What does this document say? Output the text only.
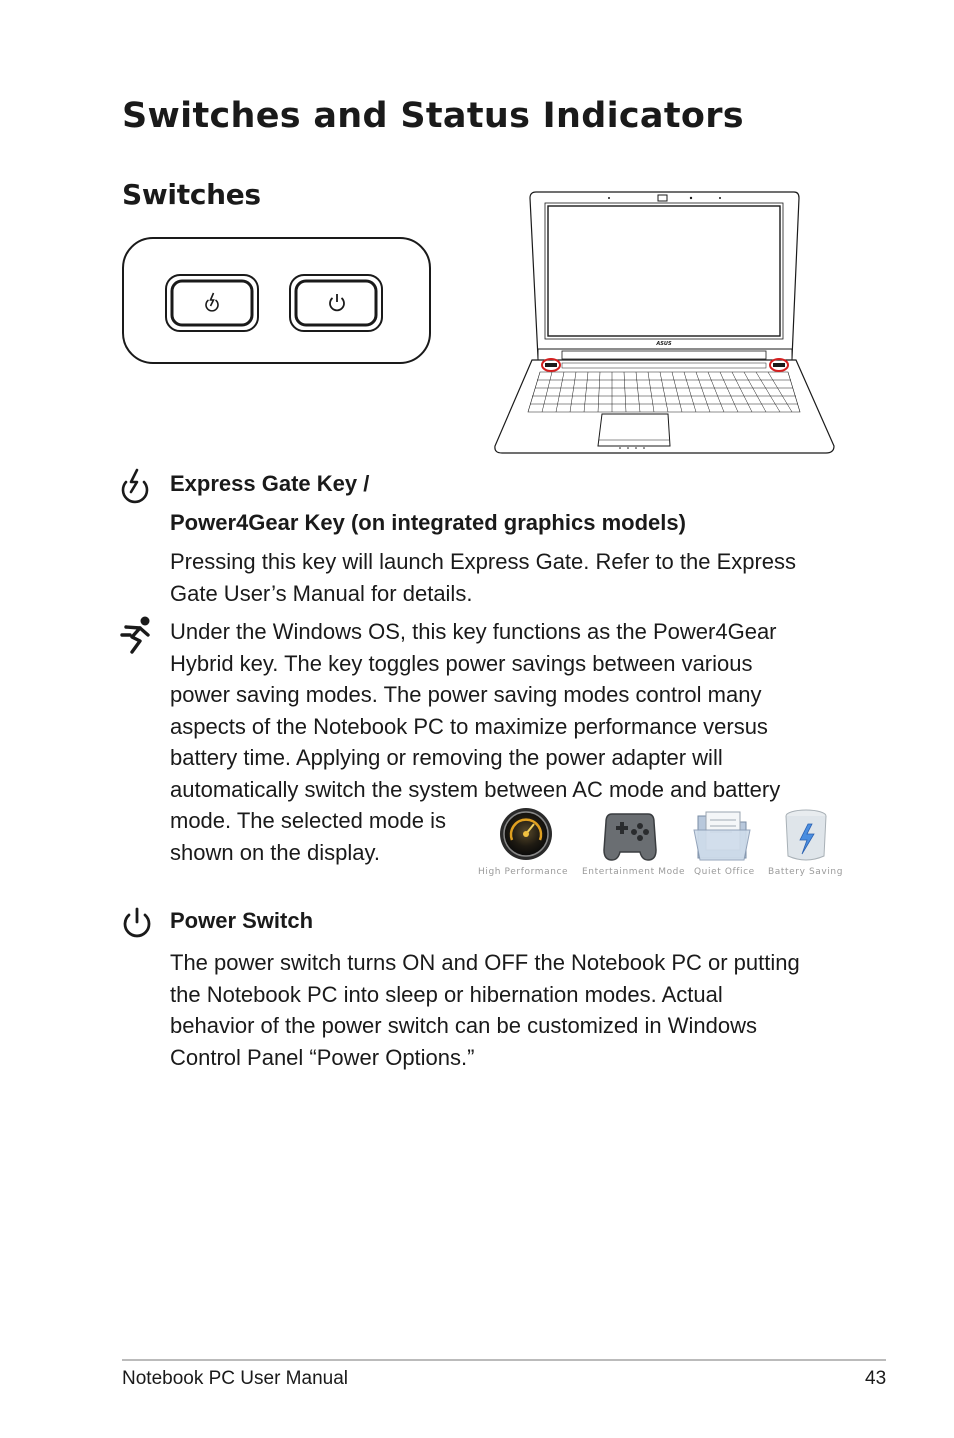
Switches and Status Indicators
Switches
ASUS
Express Gate Key /
Power4Gear Key (on integrated graphics models)
Pressing this key will launch Express Gate. Refer to the Express
Gate User’s Manual for details.
Under the Windows OS, this key functions as the Power4Gear
Hybrid key. The key toggles power savings between various
power saving modes. The power saving modes control many
aspects of the Notebook PC to maximize performance versus
battery time. Applying or removing the power adapter will
automatically switch the system between AC mode and battery
mode. The selected mode is
shown on the display.
High Performance Entertainment Mode Quiet Office Battery Saving
Power Switch
The power switch turns ON and OFF the Notebook PC or putting
the Notebook PC into sleep or hibernation modes. Actual
behavior of the power switch can be customized in Windows
Control Panel “Power Options.”
Notebook PC User Manual	43
